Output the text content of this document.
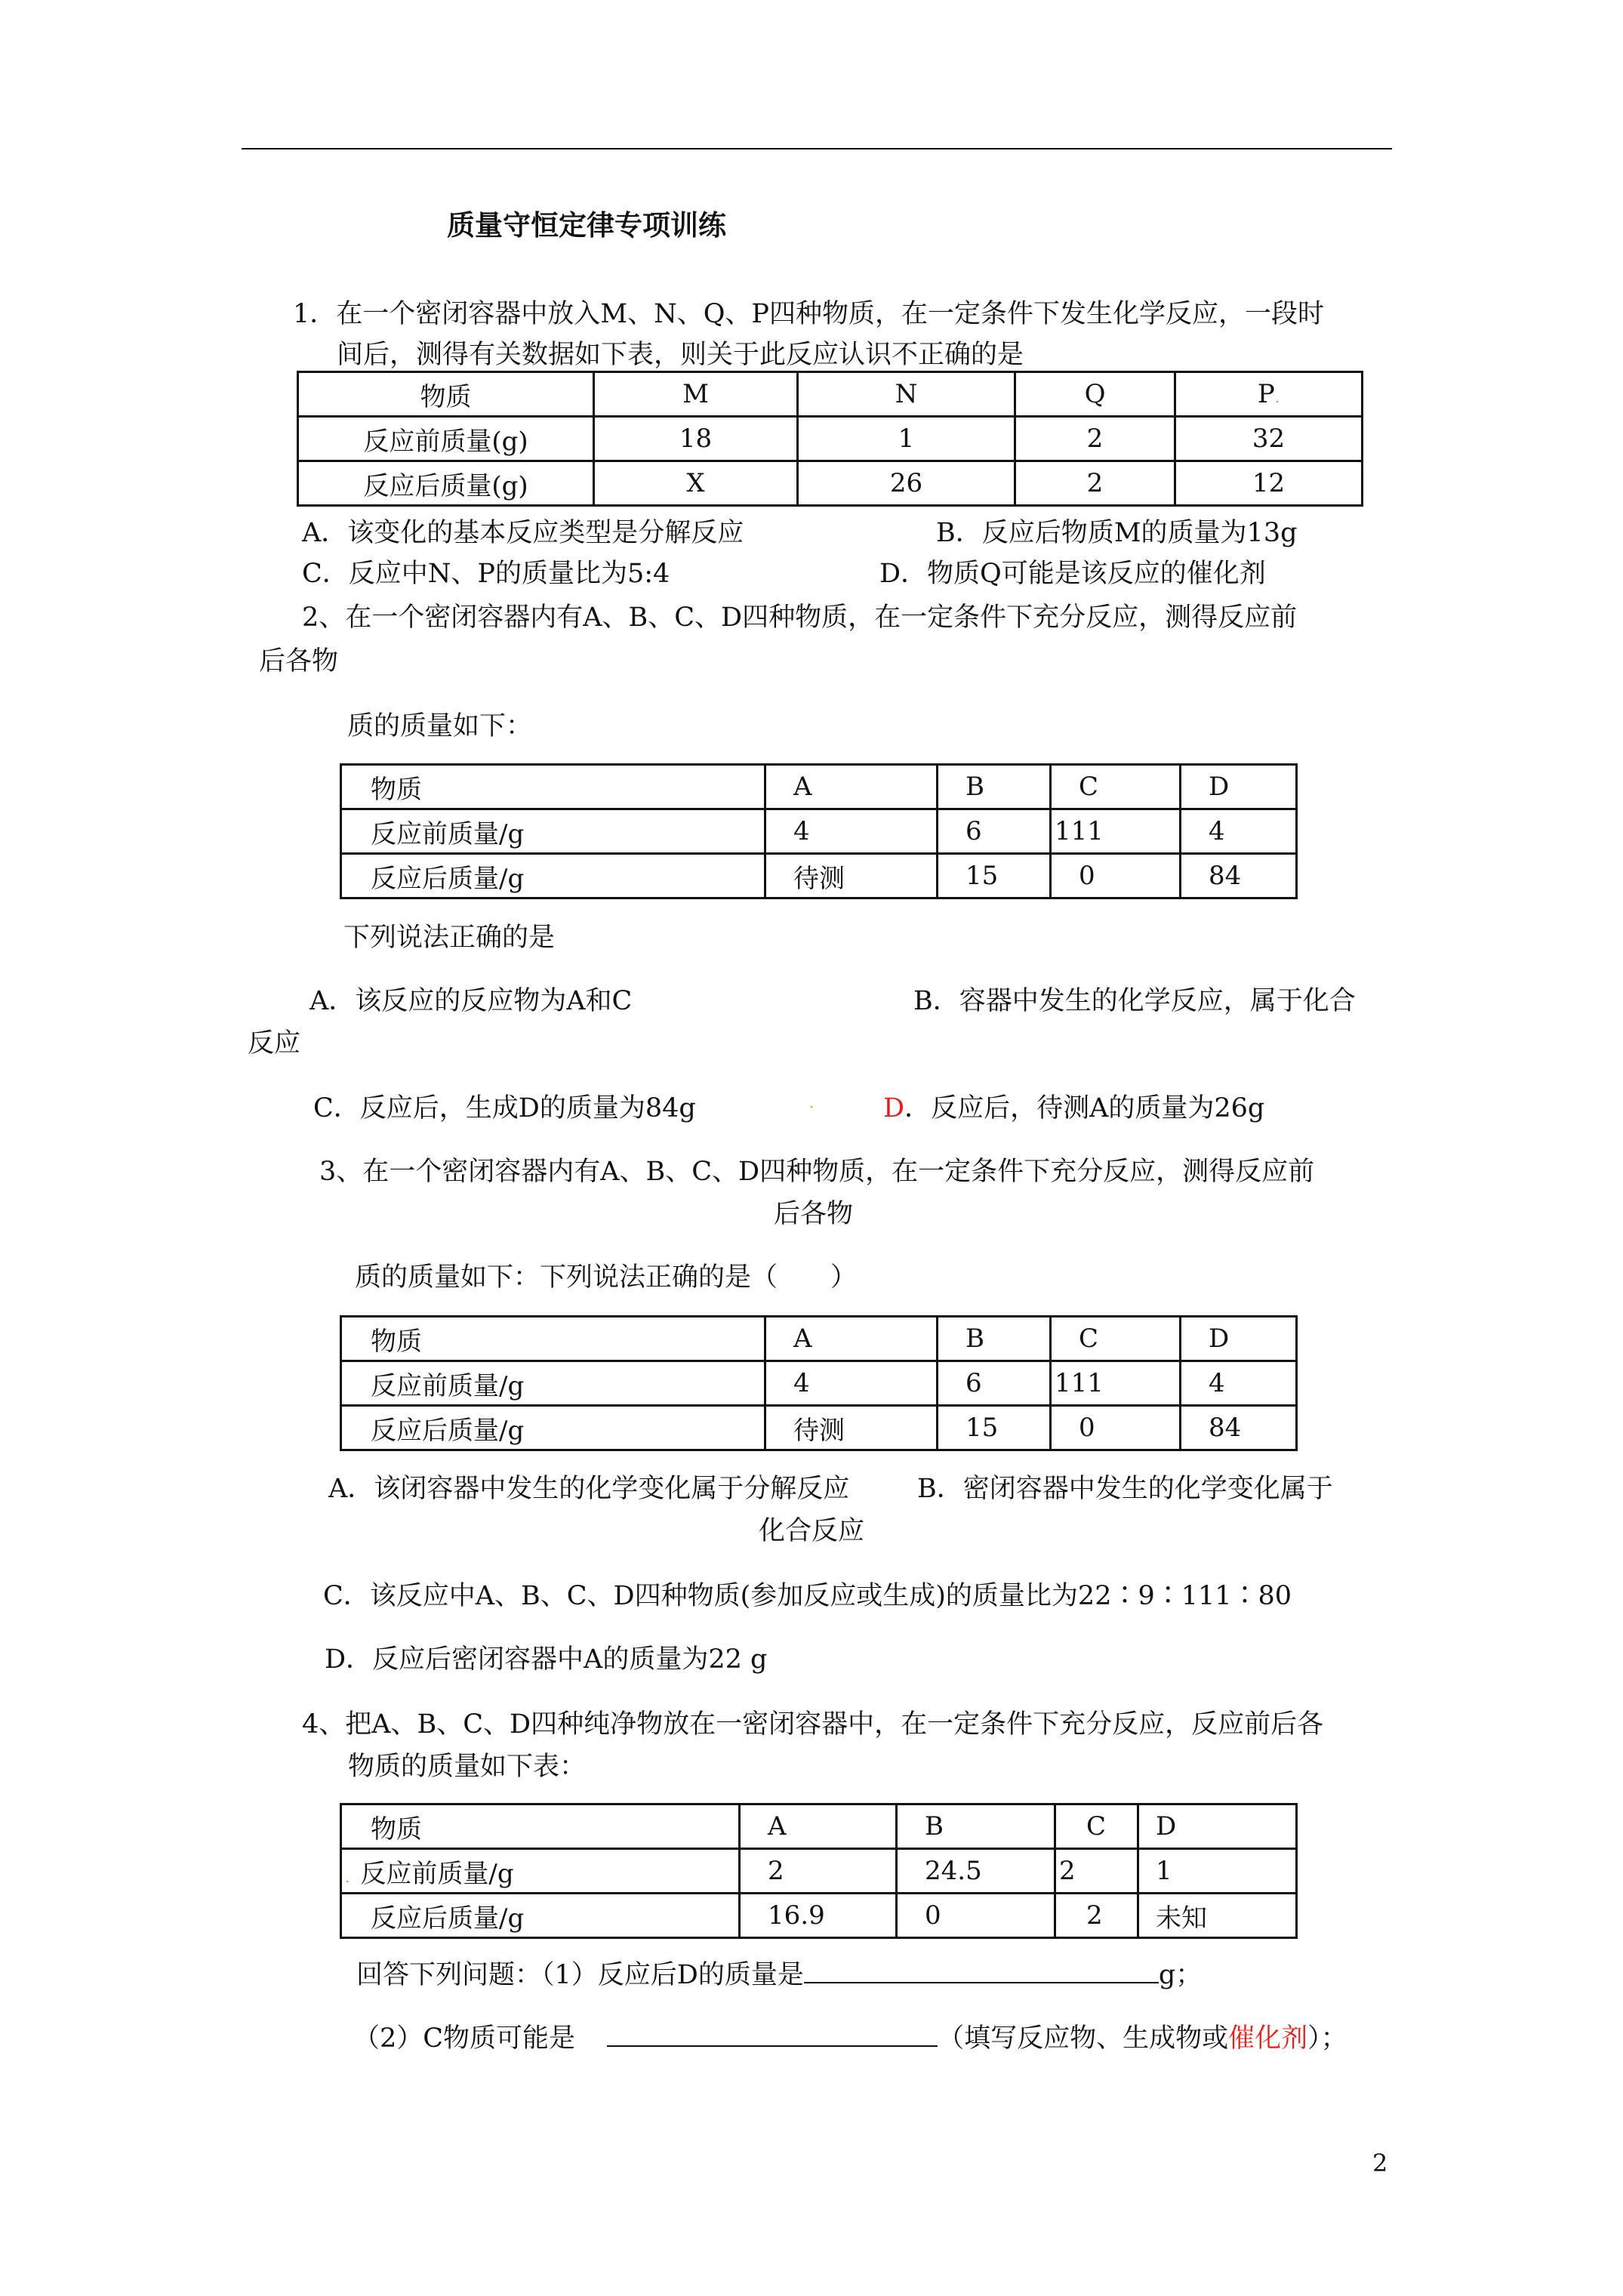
质量守恒定律专项训练
1．在一个密闭容器中放入M、N、Q、P四种物质，在一定条件下发生化学反应，一段时
间后，测得有关数据如下表，则关于此反应认识不正确的是
物质	M	N	Q	P.
反应前质量(g)	18	1	2	32
反应后质量(g)	X	26	2	12
A．该变化的基本反应类型是分解反应	B．反应后物质M的质量为13g
C．反应中N、P的质量比为5:4	D．物质Q可能是该反应的催化剂
2、在一个密闭容器内有A、B、C、D四种物质，在一定条件下充分反应，测得反应前
后各物
质的质量如下：
物质	A	B	C	D
反应前质量/g	4	6	111	4
反应后质量/g	待测	15	0	84
下列说法正确的是
A．该反应的反应物为A和C	B．容器中发生的化学反应，属于化合
反应
C．反应后，生成D的质量为84g	.	D．反应后，待测A的质量为26g
3、在一个密闭容器内有A、B、C、D四种物质，在一定条件下充分反应，测得反应前
后各物
质的质量如下：下列说法正确的是（　　）
物质	A	B	C	D
反应前质量/g	4	6	111	4
反应后质量/g	待测	15	0	84
A．该闭容器中发生的化学变化属于分解反应	B．密闭容器中发生的化学变化属于
化合反应
C．该反应中A、B、C、D四种物质(参加反应或生成)的质量比为22∶9∶111∶80
D．反应后密闭容器中A的质量为22 g
4、把A、B、C、D四种纯净物放在一密闭容器中，在一定条件下充分反应，反应前后各
物质的质量如下表：
物质	A	B	C	D
. 反应前质量/g	2	24.5	2	1
反应后质量/g	16.9	0	2	未知
回答下列问题：（1）反应后D的质量是	g；
（2）C物质可能是	（填写反应物、生成物或催化剂）；
2
